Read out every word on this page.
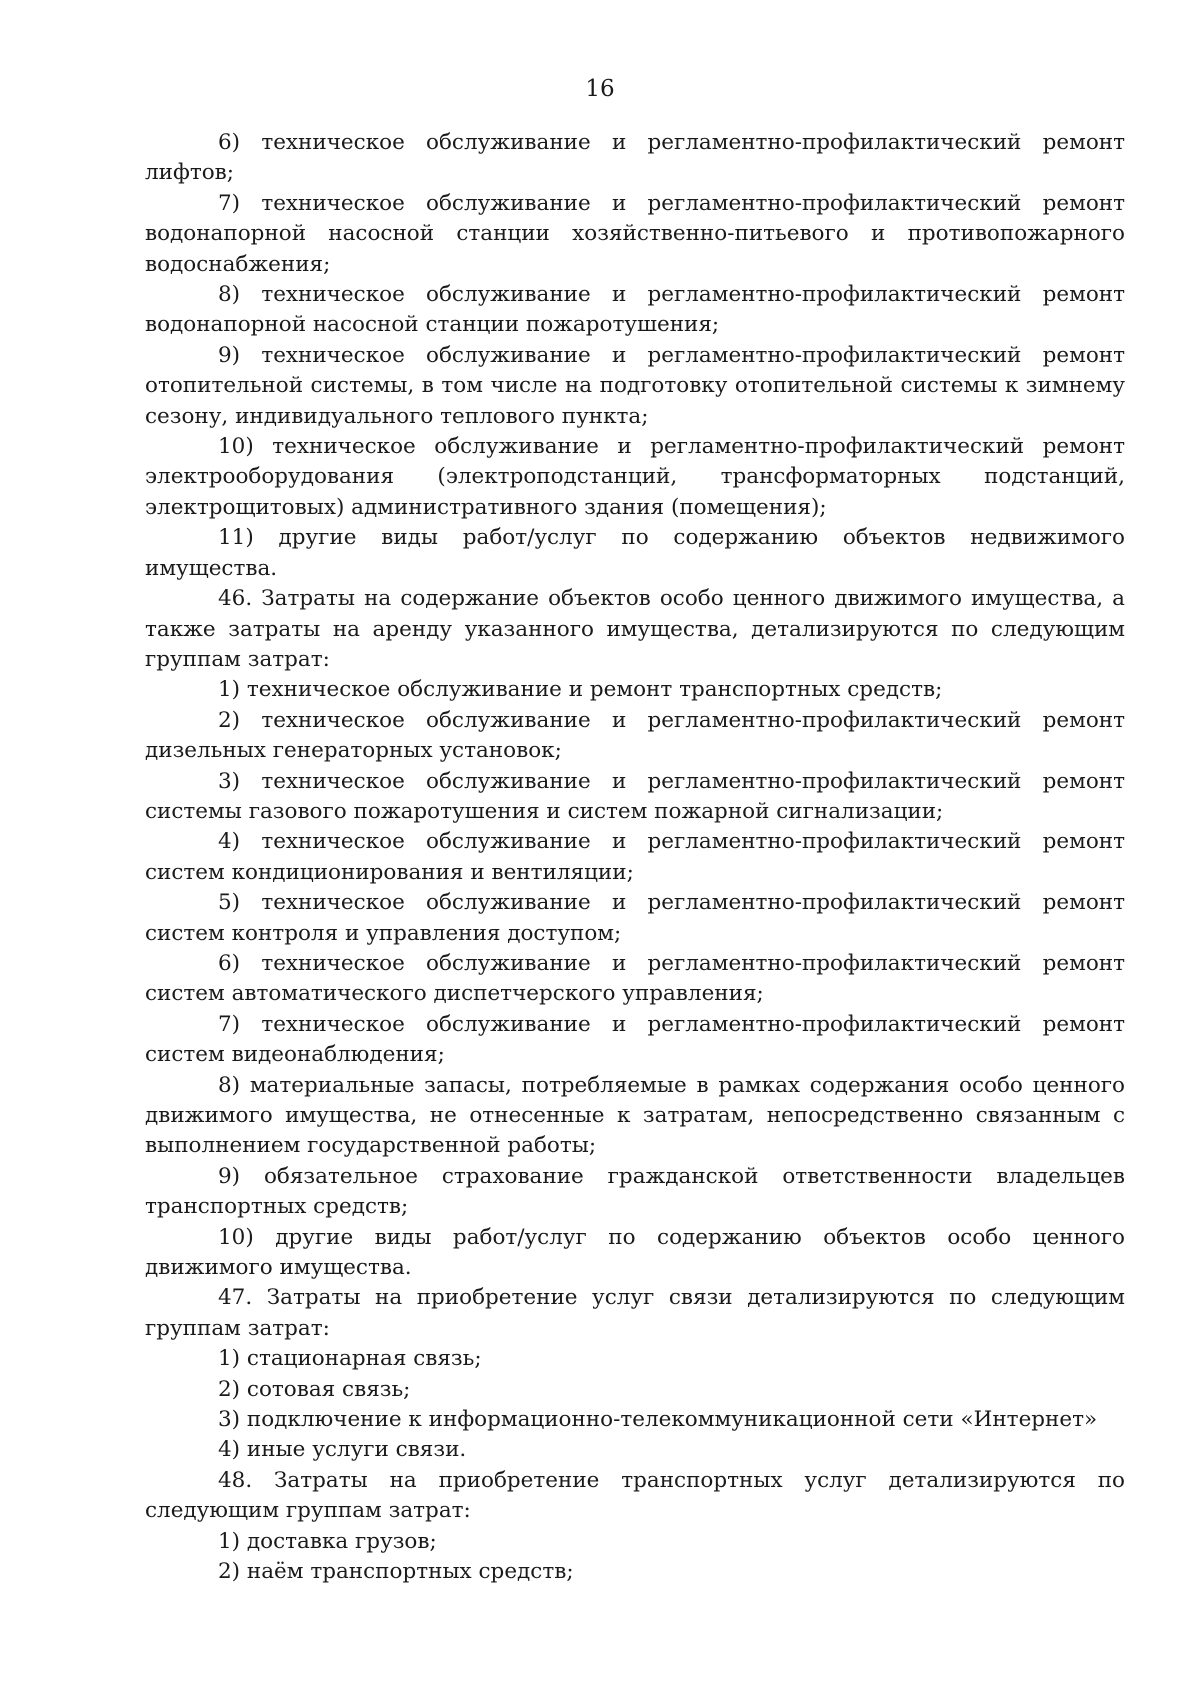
16

6) техническое обслуживание и регламентно-профилактический ремонт лифтов;

7) техническое обслуживание и регламентно-профилактический ремонт водонапорной насосной станции хозяйственно-питьевого и противопожарного водоснабжения;

8) техническое обслуживание и регламентно-профилактический ремонт водонапорной насосной станции пожаротушения;

9) техническое обслуживание и регламентно-профилактический ремонт отопительной системы, в том числе на подготовку отопительной системы к зимнему сезону, индивидуального теплового пункта;

10) техническое обслуживание и регламентно-профилактический ремонт электрооборудования (электроподстанций, трансформаторных подстанций, электрощитовых) административного здания (помещения);

11) другие виды работ/услуг по содержанию объектов недвижимого имущества.

46. Затраты на содержание объектов особо ценного движимого имущества, а также затраты на аренду указанного имущества, детализируются по следующим группам затрат:

1) техническое обслуживание и ремонт транспортных средств;

2) техническое обслуживание и регламентно-профилактический ремонт дизельных генераторных установок;

3) техническое обслуживание и регламентно-профилактический ремонт системы газового пожаротушения и систем пожарной сигнализации;

4) техническое обслуживание и регламентно-профилактический ремонт систем кондиционирования и вентиляции;

5) техническое обслуживание и регламентно-профилактический ремонт систем контроля и управления доступом;

6) техническое обслуживание и регламентно-профилактический ремонт систем автоматического диспетчерского управления;

7) техническое обслуживание и регламентно-профилактический ремонт систем видеонаблюдения;

8) материальные запасы, потребляемые в рамках содержания особо ценного движимого имущества, не отнесенные к затратам, непосредственно связанным с выполнением государственной работы;

9) обязательное страхование гражданской ответственности владельцев транспортных средств;

10) другие виды работ/услуг по содержанию объектов особо ценного движимого имущества.

47. Затраты на приобретение услуг связи детализируются по следующим группам затрат:

1) стационарная связь;

2) сотовая связь;

3) подключение к информационно-телекоммуникационной сети «Интернет»

4) иные услуги связи.

48. Затраты на приобретение транспортных услуг детализируются по следующим группам затрат:

1) доставка грузов;

2) наём транспортных средств;
